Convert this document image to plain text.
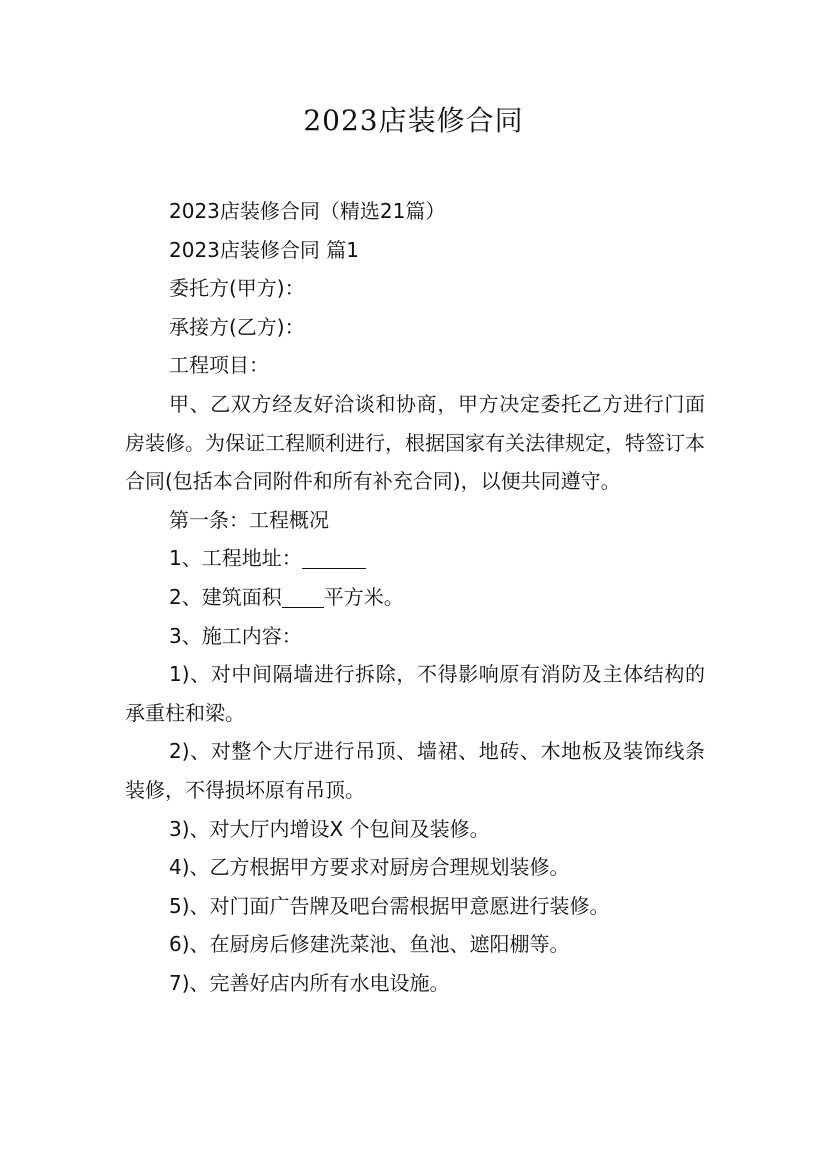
2023店装修合同

2023店装修合同（精选21篇）

2023店装修合同 篇1

委托方(甲方)：

承接方(乙方)：

工程项目：

甲、乙双方经友好洽谈和协商，甲方决定委托乙方进行门面房装修。为保证工程顺利进行，根据国家有关法律规定，特签订本合同(包括本合同附件和所有补充合同)，以便共同遵守。

第一条：工程概况

1、工程地址：

2、建筑面积 平方米。

3、施工内容：

1)、对中间隔墙进行拆除，不得影响原有消防及主体结构的承重柱和梁。

2)、对整个大厅进行吊顶、墙裙、地砖、木地板及装饰线条装修，不得损坏原有吊顶。

3)、对大厅内增设X 个包间及装修。

4)、乙方根据甲方要求对厨房合理规划装修。

5)、对门面广告牌及吧台需根据甲意愿进行装修。

6)、在厨房后修建洗菜池、鱼池、遮阳棚等。

7)、完善好店内所有水电设施。
